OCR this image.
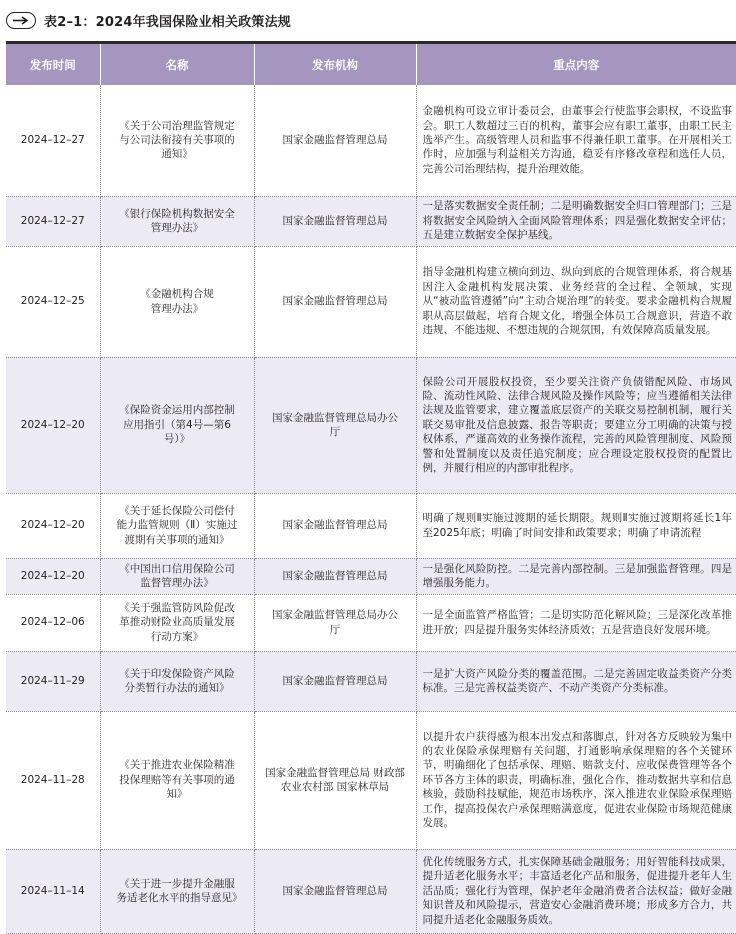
表2–1：2024年我国保险业相关政策法规
发布时间	名称	发布机构	重点内容
2024–12–27	《关于公司治理监管规定与公司法衔接有关事项的通知》	国家金融监督管理总局	金融机构可设立审计委员会，由董事会行使监事会职权，不设监事会。职工人数超过三百的机构，董事会应有职工董事，由职工民主选举产生。高级管理人员和监事不得兼任职工董事。在开展相关工作时，应加强与利益相关方沟通，稳妥有序修改章程和选任人员，完善公司治理结构，提升治理效能。
2024–12–27	《银行保险机构数据安全管理办法》	国家金融监督管理总局	一是落实数据安全责任制；二是明确数据安全归口管理部门；三是将数据安全风险纳入全面风险管理体系；四是强化数据安全评估；五是建立数据安全保护基线。
2024–12–25	《金融机构合规管理办法》	国家金融监督管理总局	指导金融机构建立横向到边、纵向到底的合规管理体系，将合规基因注入金融机构发展决策、业务经营的全过程、全领域，实现从“被动监管遵循”向“主动合规治理”的转变。要求金融机构合规履职从高层做起，培育合规文化，增强全体员工合规意识，营造不敢违规、不能违规、不想违规的合规氛围，有效保障高质量发展。
2024–12–20	《保险资金运用内部控制应用指引（第4号—第6号）》	国家金融监督管理总局办公厅	保险公司开展股权投资，至少要关注资产负债错配风险、市场风险、流动性风险、法律合规风险及操作风险等；应当遵循相关法律法规及监管要求，建立覆盖底层资产的关联交易控制机制，履行关联交易审批及信息披露、报告等职责；要建立分工明确的决策与授权体系，严谨高效的业务操作流程，完善的风险管理制度、风险预警和处置制度以及责任追究制度；应合理设定股权投资的配置比例，并履行相应的内部审批程序。
2024–12–20	《关于延长保险公司偿付能力监管规则（Ⅱ）实施过渡期有关事项的通知》	国家金融监督管理总局	明确了规则Ⅱ实施过渡期的延长期限。规则Ⅱ实施过渡期将延长1年至2025年底；明确了时间安排和政策要求；明确了申请流程
2024–12–20	《中国出口信用保险公司监督管理办法》	国家金融监督管理总局	一是强化风险防控。二是完善内部控制。三是加强监督管理。四是增强服务能力。
2024–12–06	《关于强监管防风险促改革推动财险业高质量发展行动方案》	国家金融监督管理总局办公厅	一是全面监管严格监管；二是切实防范化解风险；三是深化改革推进开放；四是提升服务实体经济质效；五是营造良好发展环境。
2024–11–29	《关于印发保险资产风险分类暂行办法的通知》	国家金融监督管理总局	一是扩大资产风险分类的覆盖范围。二是完善固定收益类资产分类标准。三是完善权益类资产、不动产类资产分类标准。
2024–11–28	《关于推进农业保险精准投保理赔等有关事项的通知》	国家金融监督管理总局 财政部 农业农村部 国家林草局	以提升农户获得感为根本出发点和落脚点，针对各方反映较为集中的农业保险承保理赔有关问题，打通影响承保理赔的各个关键环节，明确细化了包括承保、理赔、赔款支付、应收保费管理等各个环节各方主体的职责，明确标准，强化合作，推动数据共享和信息核验，鼓励科技赋能，规范市场秩序，深入推进农业保险承保理赔工作，提高投保农户承保理赔满意度，促进农业保险市场规范健康发展。
2024–11–14	《关于进一步提升金融服务适老化水平的指导意见》	国家金融监督管理总局	优化传统服务方式，扎实保障基础金融服务；用好智能科技成果，提升适老化服务水平；丰富适老化产品和服务，促进提升老年人生活品质；强化行为管理，保护老年金融消费者合法权益；做好金融知识普及和风险提示，营造安心金融消费环境；形成多方合力，共同提升适老化金融服务质效。
